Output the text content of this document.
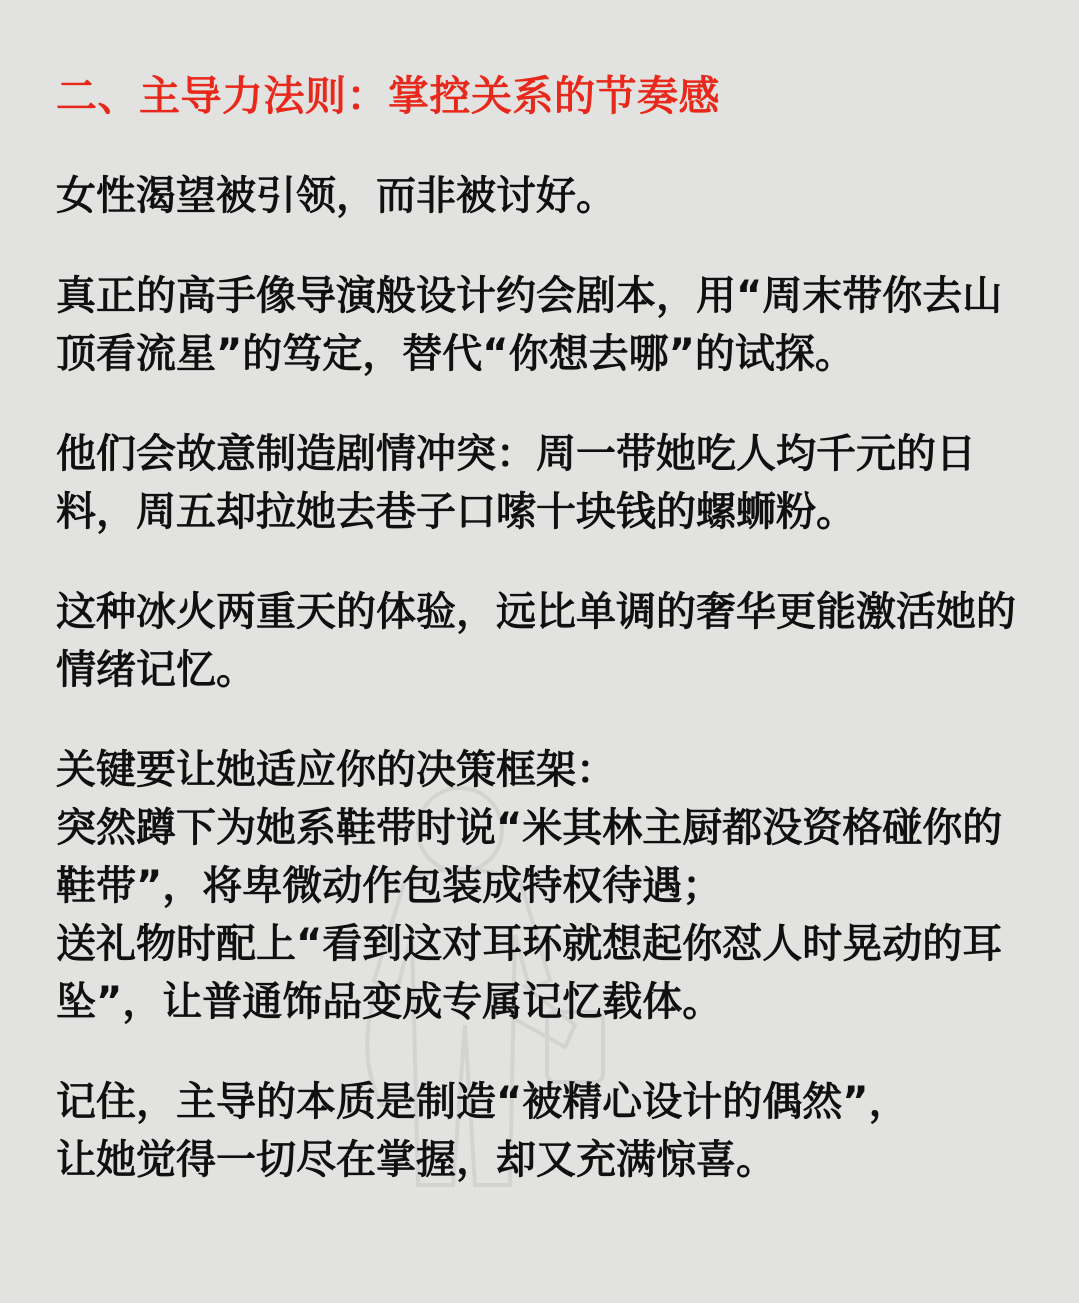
二、主导力法则：掌控关系的节奏感

女性渴望被引领，而非被讨好。

真正的高手像导演般设计约会剧本，用“周末带你去山顶看流星”的笃定，替代“你想去哪”的试探。

他们会故意制造剧情冲突：周一带她吃人均千元的日料，周五却拉她去巷子口嗦十块钱的螺蛳粉。

这种冰火两重天的体验，远比单调的奢华更能激活她的情绪记忆。

关键要让她适应你的决策框架：

突然蹲下为她系鞋带时说“米其林主厨都没资格碰你的鞋带”，将卑微动作包装成特权待遇；

送礼物时配上“看到这对耳环就想起你怼人时晃动的耳坠”，让普通饰品变成专属记忆载体。

记住，主导的本质是制造“被精心设计的偶然”，

让她觉得一切尽在掌握，却又充满惊喜。
